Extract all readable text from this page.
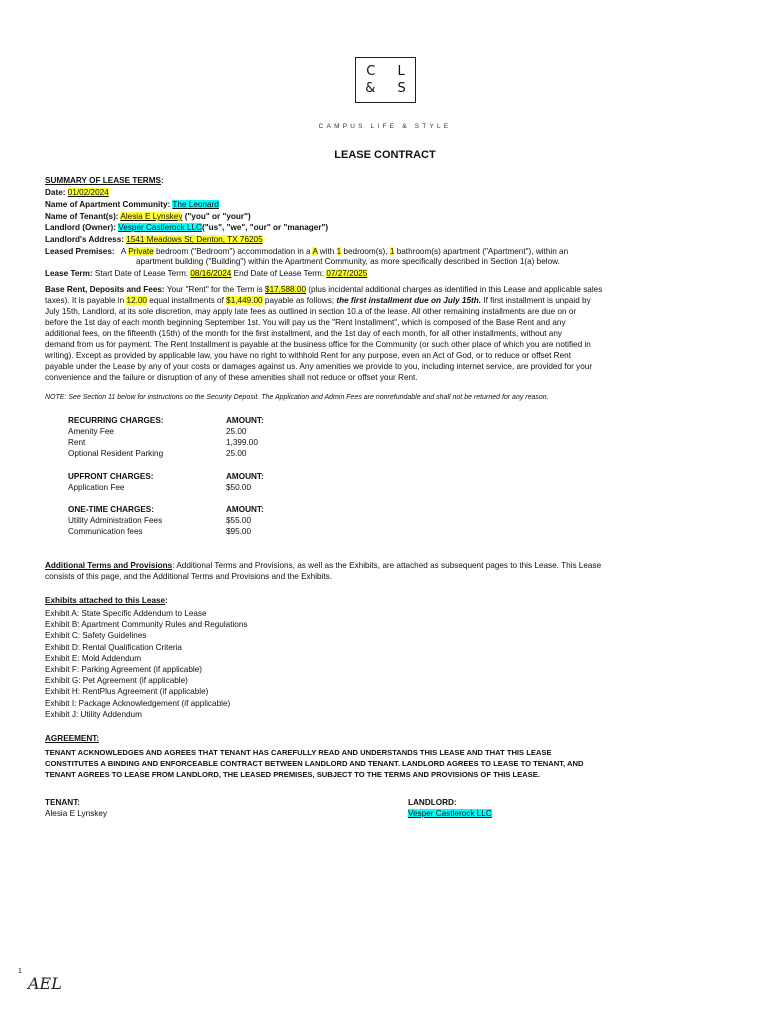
C L
& S
CAMPUS LIFE & STYLE
LEASE CONTRACT
SUMMARY OF LEASE TERMS:
Date: 01/02/2024
Name of Apartment Community: The Leonard
Name of Tenant(s): Alesia E Lynskey ("you" or "your")
Landlord (Owner): Vesper Castlerock LLC("us", "we", "our" or "manager")
Landlord's Address: 1541 Meadows St, Denton, TX 76205
Leased Premises: A Private bedroom ("Bedroom") accommodation in a A with 1 bedroom(s), 1 bathroom(s) apartment ("Apartment"), within an
apartment building ("Building") within the Apartment Community, as more specifically described in Section 1(a) below.
Lease Term: Start Date of Lease Term: 08/16/2024 End Date of Lease Term: 07/27/2025
Base Rent, Deposits and Fees: Your "Rent" for the Term is $17,588.00 (plus incidental additional charges as identified in this Lease and applicable sales
taxes). It is payable in 12.00 equal installments of $1,449.00 payable as follows; the first installment due on July 15th. If first installment is unpaid by
July 15th, Landlord, at its sole discretion, may apply late fees as outlined in section 10.a of the lease. All other remaining installments are due on or
before the 1st day of each month beginning September 1st. You will pay us the "Rent Installment", which is composed of the Base Rent and any
additional fees, on the fifteenth (15th) of the month for the first installment, and the 1st day of each month, for all other installments, without any
demand from us for payment. The Rent Installment is payable at the business office for the Community (or such other place of which you are notified in
writing). Except as provided by applicable law, you have no right to withhold Rent for any purpose, even an Act of God, or to reduce or offset Rent
payable under the Lease by any of your costs or damages against us. Any amenities we provide to you, including internet service, are provided for your
convenience and the failure or disruption of any of these amenities shall not reduce or offset your Rent.
NOTE: See Section 11 below for instructions on the Security Deposit. The Application and Admin Fees are nonrefundable and shall not be returned for any reason.
RECURRING CHARGES:	AMOUNT:
Amenity Fee	25.00
Rent	1,399.00
Optional Resident Parking	25.00
UPFRONT CHARGES:	AMOUNT:
Application Fee	$50.00
ONE-TIME CHARGES:	AMOUNT:
Utility Administration Fees	$55.00
Communication fees	$95.00
Additional Terms and Provisions: Additional Terms and Provisions, as well as the Exhibits, are attached as subsequent pages to this Lease. This Lease
consists of this page, and the Additional Terms and Provisions and the Exhibits.
Exhibits attached to this Lease:
Exhibit A: State Specific Addendum to Lease
Exhibit B: Apartment Community Rules and Regulations
Exhibit C: Safety Guidelines
Exhibit D: Rental Qualification Criteria
Exhibit E: Mold Addendum
Exhibit F: Parking Agreement (if applicable)
Exhibit G: Pet Agreement (if applicable)
Exhibit H: RentPlus Agreement (if applicable)
Exhibit I: Package Acknowledgement (if applicable)
Exhibit J: Utility Addendum
AGREEMENT:
TENANT ACKNOWLEDGES AND AGREES THAT TENANT HAS CAREFULLY READ AND UNDERSTANDS THIS LEASE AND THAT THIS LEASE
CONSTITUTES A BINDING AND ENFORCEABLE CONTRACT BETWEEN LANDLORD AND TENANT. LANDLORD AGREES TO LEASE TO TENANT, AND
TENANT AGREES TO LEASE FROM LANDLORD, THE LEASED PREMISES, SUBJECT TO THE TERMS AND PROVISIONS OF THIS LEASE.
TENANT:
Alesia E Lynskey
LANDLORD:
Vesper Castlerock LLC
1
AEL
